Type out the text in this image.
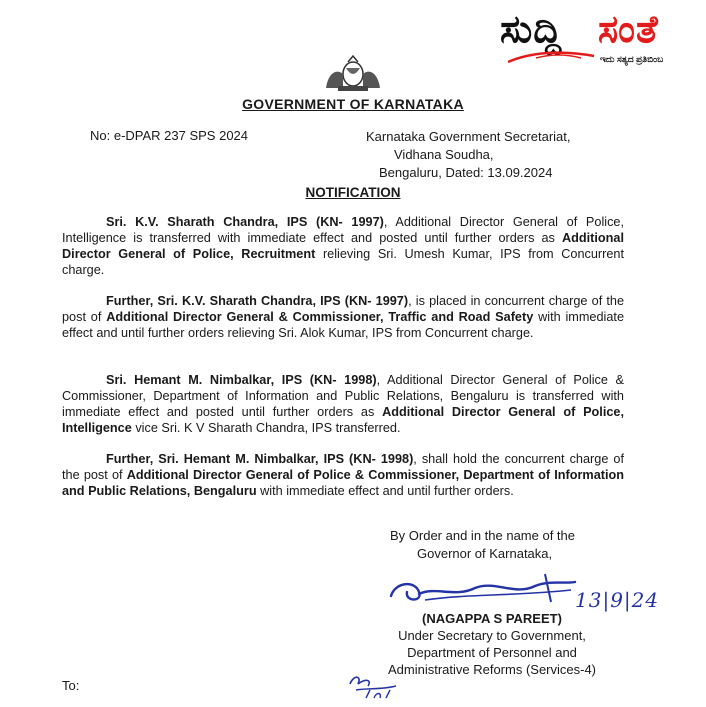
ಸುದ್ದಿ ಸಂತೆ
ಇದು ಸತ್ಯದ ಪ್ರತಿಬಿಂಬ
GOVERNMENT OF KARNATAKA
No: e-DPAR 237 SPS 2024	Karnataka Government Secretariat,
Vidhana Soudha,
Bengaluru, Dated: 13.09.2024
NOTIFICATION
Sri. K.V. Sharath Chandra, IPS (KN- 1997), Additional Director General of Police, Intelligence is transferred with immediate effect and posted until further orders as Additional Director General of Police, Recruitment relieving Sri. Umesh Kumar, IPS from Concurrent charge.
Further, Sri. K.V. Sharath Chandra, IPS (KN- 1997), is placed in concurrent charge of the post of Additional Director General & Commissioner, Traffic and Road Safety with immediate effect and until further orders relieving Sri. Alok Kumar, IPS from Concurrent charge.
Sri. Hemant M. Nimbalkar, IPS (KN- 1998), Additional Director General of Police & Commissioner, Department of Information and Public Relations, Bengaluru is transferred with immediate effect and posted until further orders as Additional Director General of Police, Intelligence vice Sri. K V Sharath Chandra, IPS transferred.
Further, Sri. Hemant M. Nimbalkar, IPS (KN- 1998), shall hold the concurrent charge of the post of Additional Director General of Police & Commissioner, Department of Information and Public Relations, Bengaluru with immediate effect and until further orders.
By Order and in the name of the
Governor of Karnataka,
13|9|24
(NAGAPPA S PAREET)
Under Secretary to Government,
Department of Personnel and
Administrative Reforms (Services-4)
To:
